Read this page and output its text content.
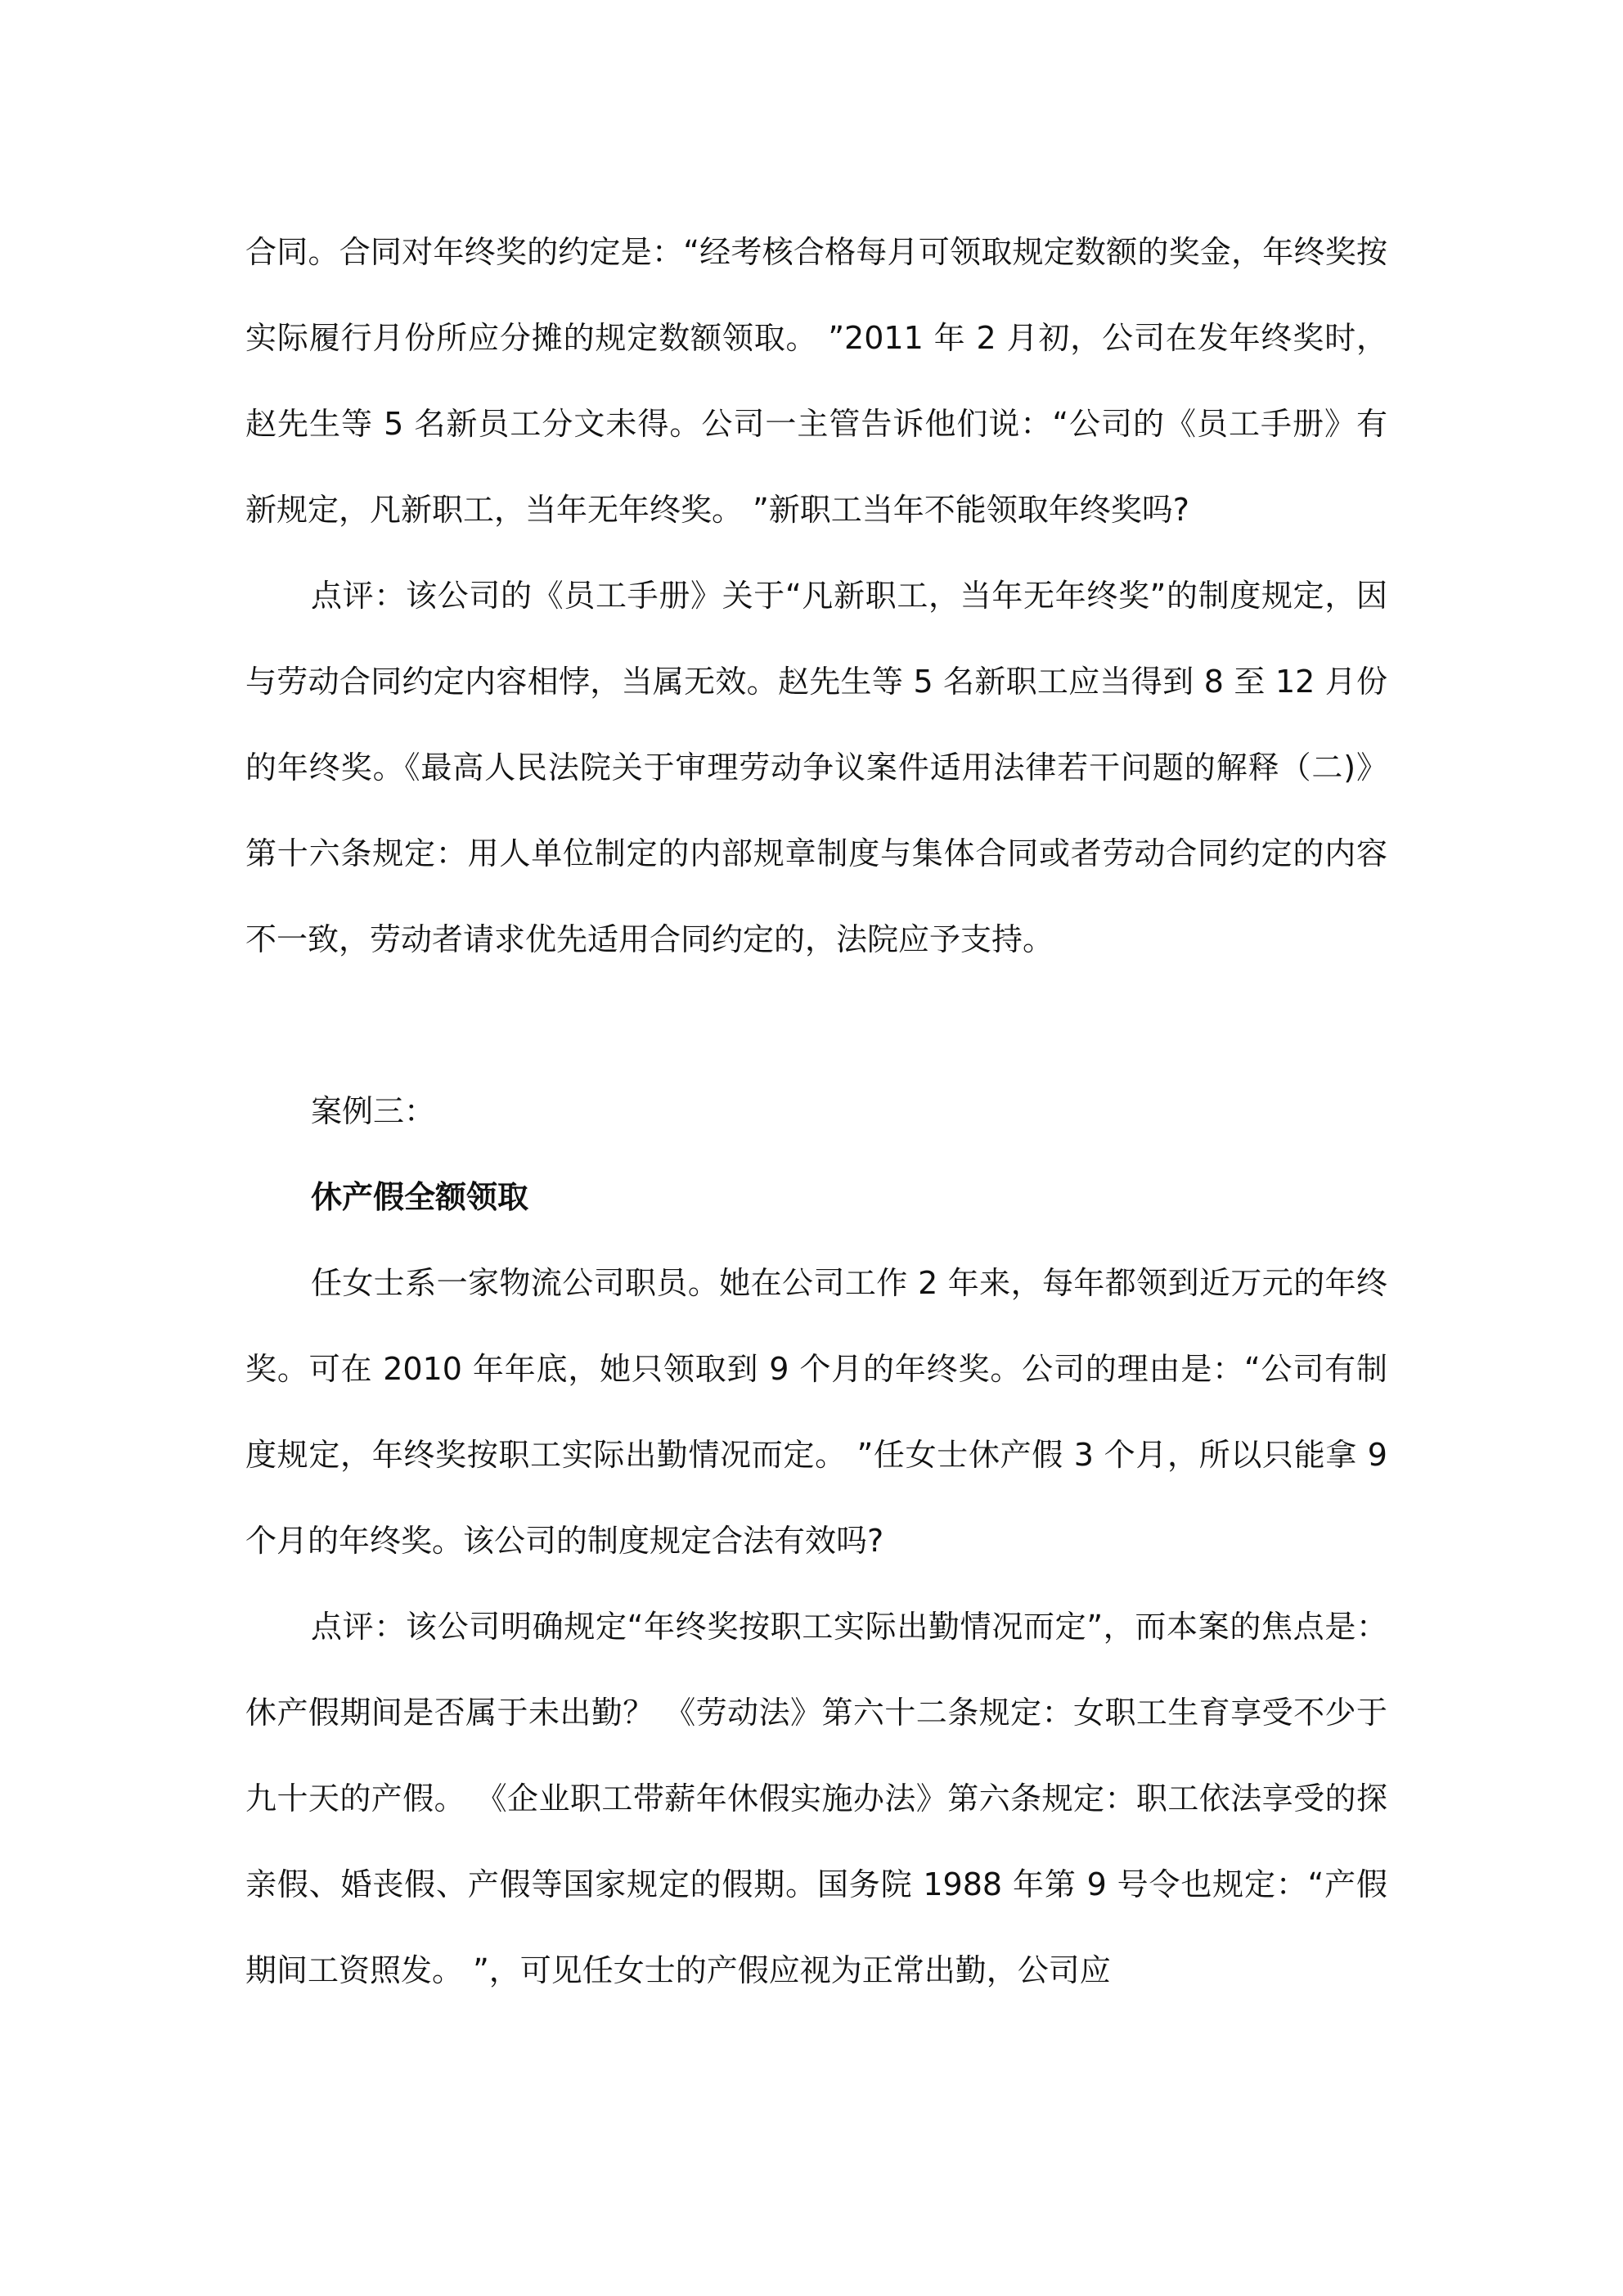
合同。合同对年终奖的约定是：“经考核合格每月可领取规定数额的奖金，年终奖按实际履行月份所应分摊的规定数额领取。 ”2011 年 2 月初，公司在发年终奖时，赵先生等 5 名新员工分文未得。公司一主管告诉他们说：“公司的《员工手册》有新规定，凡新职工，当年无年终奖。 ”新职工当年不能领取年终奖吗?

点评：该公司的《员工手册》关于“凡新职工，当年无年终奖”的制度规定，因与劳动合同约定内容相悖，当属无效。赵先生等 5 名新职工应当得到 8 至 12 月份的年终奖。《最高人民法院关于审理劳动争议案件适用法律若干问题的解释（二)》第十六条规定：用人单位制定的内部规章制度与集体合同或者劳动合同约定的内容不一致，劳动者请求优先适用合同约定的，法院应予支持。

案例三：

休产假全额领取

任女士系一家物流公司职员。她在公司工作 2 年来，每年都领到近万元的年终奖。可在 2010 年年底，她只领取到 9 个月的年终奖。公司的理由是：“公司有制度规定，年终奖按职工实际出勤情况而定。 ”任女士休产假 3 个月，所以只能拿 9 个月的年终奖。该公司的制度规定合法有效吗?

点评：该公司明确规定“年终奖按职工实际出勤情况而定”，而本案的焦点是：休产假期间是否属于未出勤？ 《劳动法》第六十二条规定：女职工生育享受不少于九十天的产假。 《企业职工带薪年休假实施办法》第六条规定：职工依法享受的探亲假、婚丧假、产假等国家规定的假期。国务院 1988 年第 9 号令也规定：“产假期间工资照发。 ”，可见任女士的产假应视为正常出勤，公司应
